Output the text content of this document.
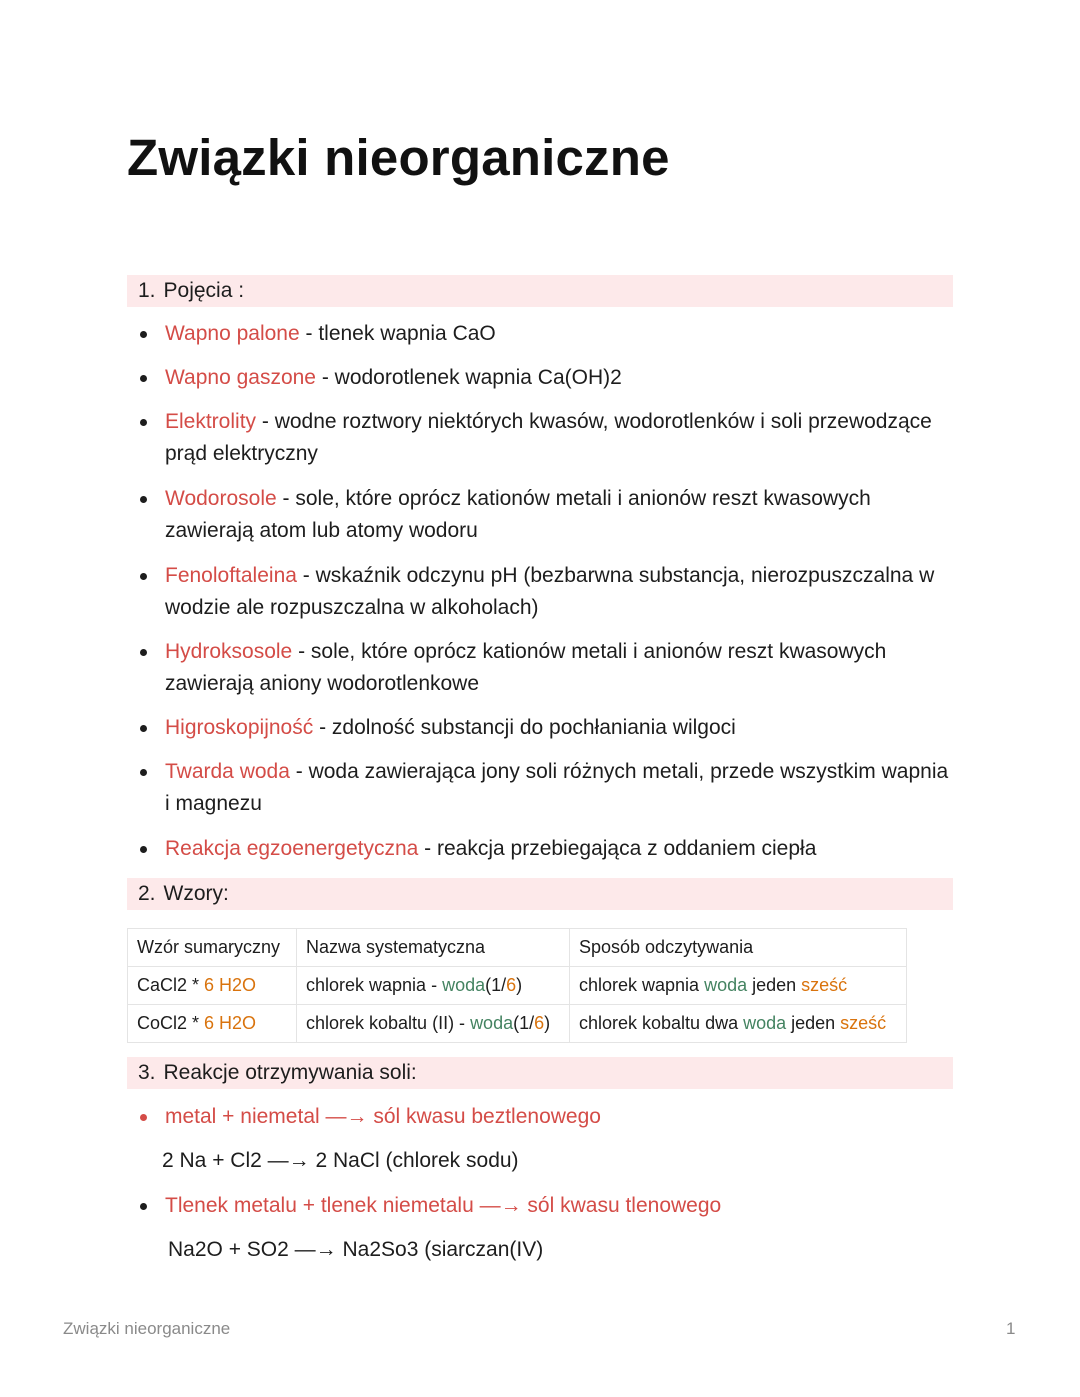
Związki nieorganiczne
1. Pojęcia :
Wapno palone - tlenek wapnia CaO
Wapno gaszone - wodorotlenek wapnia Ca(OH)2
Elektrolity - wodne roztwory niektórych kwasów, wodorotlenków i soli przewodzące prąd elektryczny
Wodorosole - sole, które oprócz kationów metali i anionów reszt kwasowych zawierają atom lub atomy wodoru
Fenoloftaleina - wskaźnik odczynu pH (bezbarwna substancja, nierozpuszczalna w wodzie ale rozpuszczalna w alkoholach)
Hydroksosole - sole, które oprócz kationów metali i anionów reszt kwasowych zawierają aniony wodorotlenkowe
Higroskopijność - zdolność substancji do pochłaniania wilgoci
Twarda woda - woda zawierająca jony soli różnych metali, przede wszystkim wapnia i magnezu
Reakcja egzoenergetyczna - reakcja przebiegająca z oddaniem ciepła
2. Wzory:
Wzór sumaryczny	Nazwa systematyczna	Sposób odczytywania
CaCl2 * 6 H2O	chlorek wapnia - woda(1/6)	chlorek wapnia woda jeden sześć
CoCl2 * 6 H2O	chlorek kobaltu (II) - woda(1/6)	chlorek kobaltu dwa woda jeden sześć
3. Reakcje otrzymywania soli:
metal + niemetal —→ sól kwasu beztlenowego
2 Na + Cl2 —→ 2 NaCl (chlorek sodu)
Tlenek metalu + tlenek niemetalu —→ sól kwasu tlenowego
Na2O + SO2 —→ Na2So3 (siarczan(IV)
Związki nieorganiczne	1
